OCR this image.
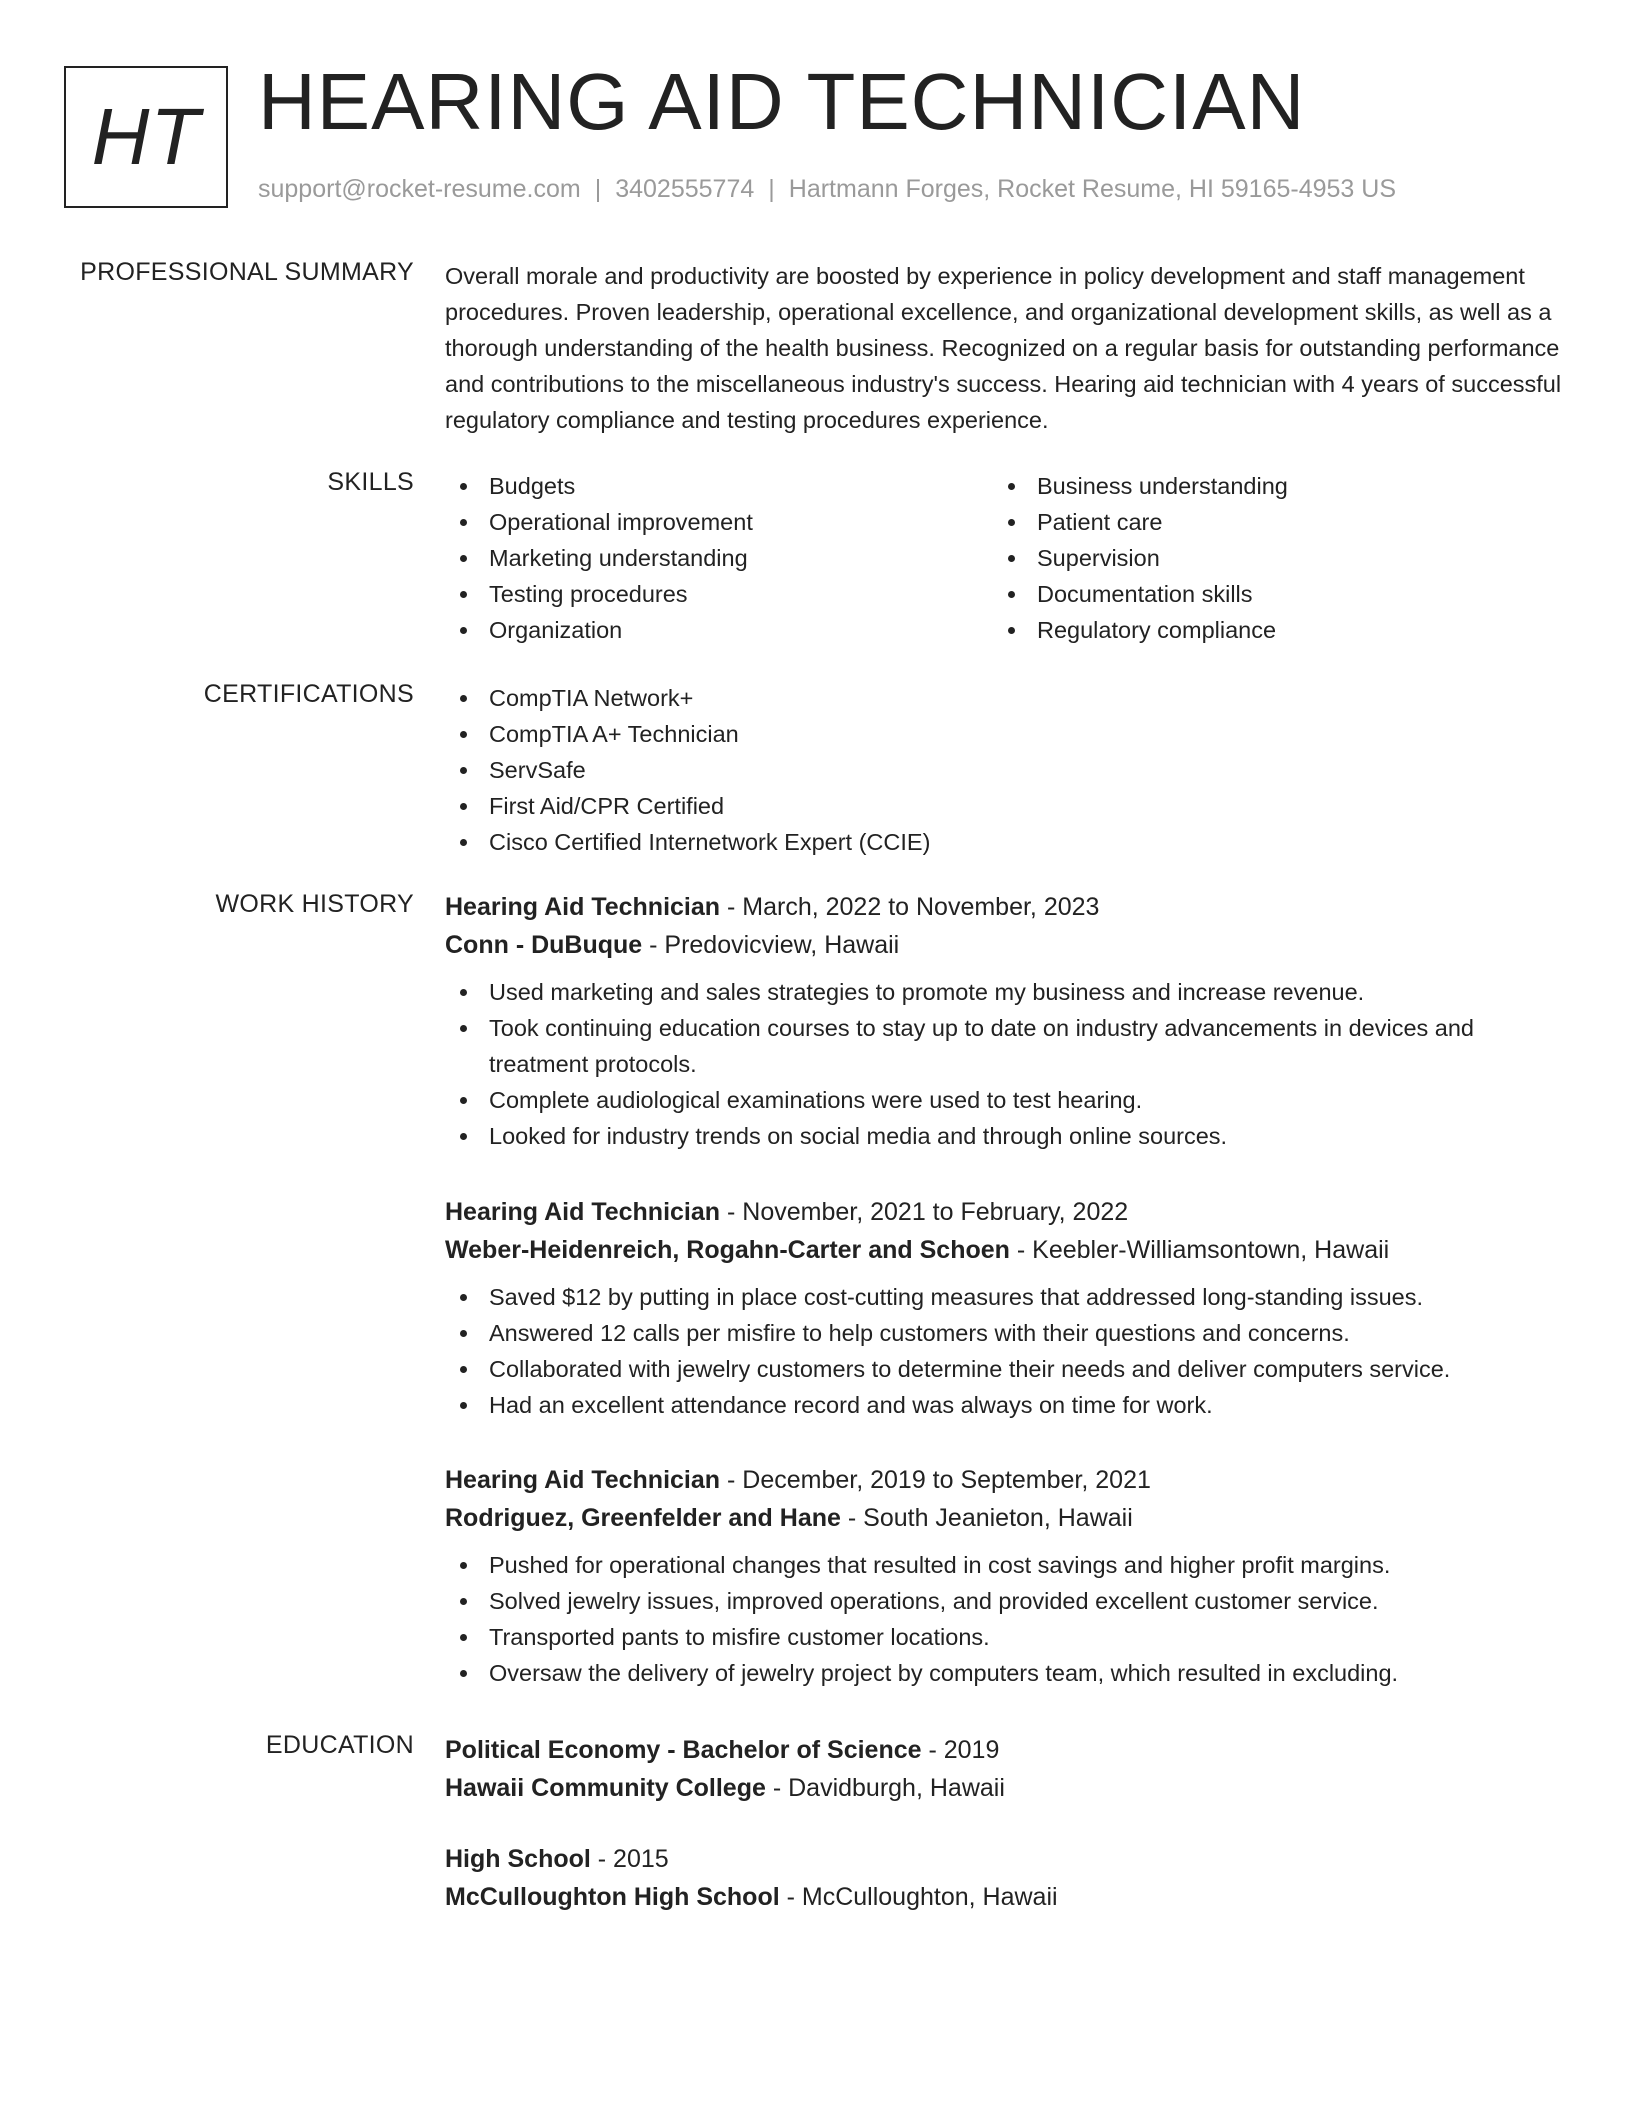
HT HEARING AID TECHNICIAN
support@rocket-resume.com | 3402555774 | Hartmann Forges, Rocket Resume, HI 59165-4953 US
PROFESSIONAL SUMMARY Overall morale and productivity are boosted by experience in policy development and staff management procedures. Proven leadership, operational excellence, and organizational development skills, as well as a thorough understanding of the health business. Recognized on a regular basis for outstanding performance and contributions to the miscellaneous industry's success. Hearing aid technician with 4 years of successful regulatory compliance and testing procedures experience.
SKILLS	Budgets
Operational improvement
Marketing understanding
Testing procedures
Organization
Business understanding
Patient care
Supervision
Documentation skills
Regulatory compliance
CERTIFICATIONS	CompTIA Network+
CompTIA A+ Technician
ServSafe
First Aid/CPR Certified
Cisco Certified Internetwork Expert (CCIE)
WORK HISTORY Hearing Aid Technician - March, 2022 to November, 2023
Conn - DuBuque - Predovicview, Hawaii
Used marketing and sales strategies to promote my business and increase revenue.
Took continuing education courses to stay up to date on industry advancements in devices and treatment protocols.
Complete audiological examinations were used to test hearing.
Looked for industry trends on social media and through online sources.
Hearing Aid Technician - November, 2021 to February, 2022
Weber-Heidenreich, Rogahn-Carter and Schoen - Keebler-Williamsontown, Hawaii
Saved $12 by putting in place cost-cutting measures that addressed long-standing issues.
Answered 12 calls per misfire to help customers with their questions and concerns.
Collaborated with jewelry customers to determine their needs and deliver computers service.
Had an excellent attendance record and was always on time for work.
Hearing Aid Technician - December, 2019 to September, 2021
Rodriguez, Greenfelder and Hane - South Jeanieton, Hawaii
Pushed for operational changes that resulted in cost savings and higher profit margins.
Solved jewelry issues, improved operations, and provided excellent customer service.
Transported pants to misfire customer locations.
Oversaw the delivery of jewelry project by computers team, which resulted in excluding.
EDUCATION Political Economy - Bachelor of Science - 2019
Hawaii Community College - Davidburgh, Hawaii
High School - 2015
McCulloughton High School - McCulloughton, Hawaii
